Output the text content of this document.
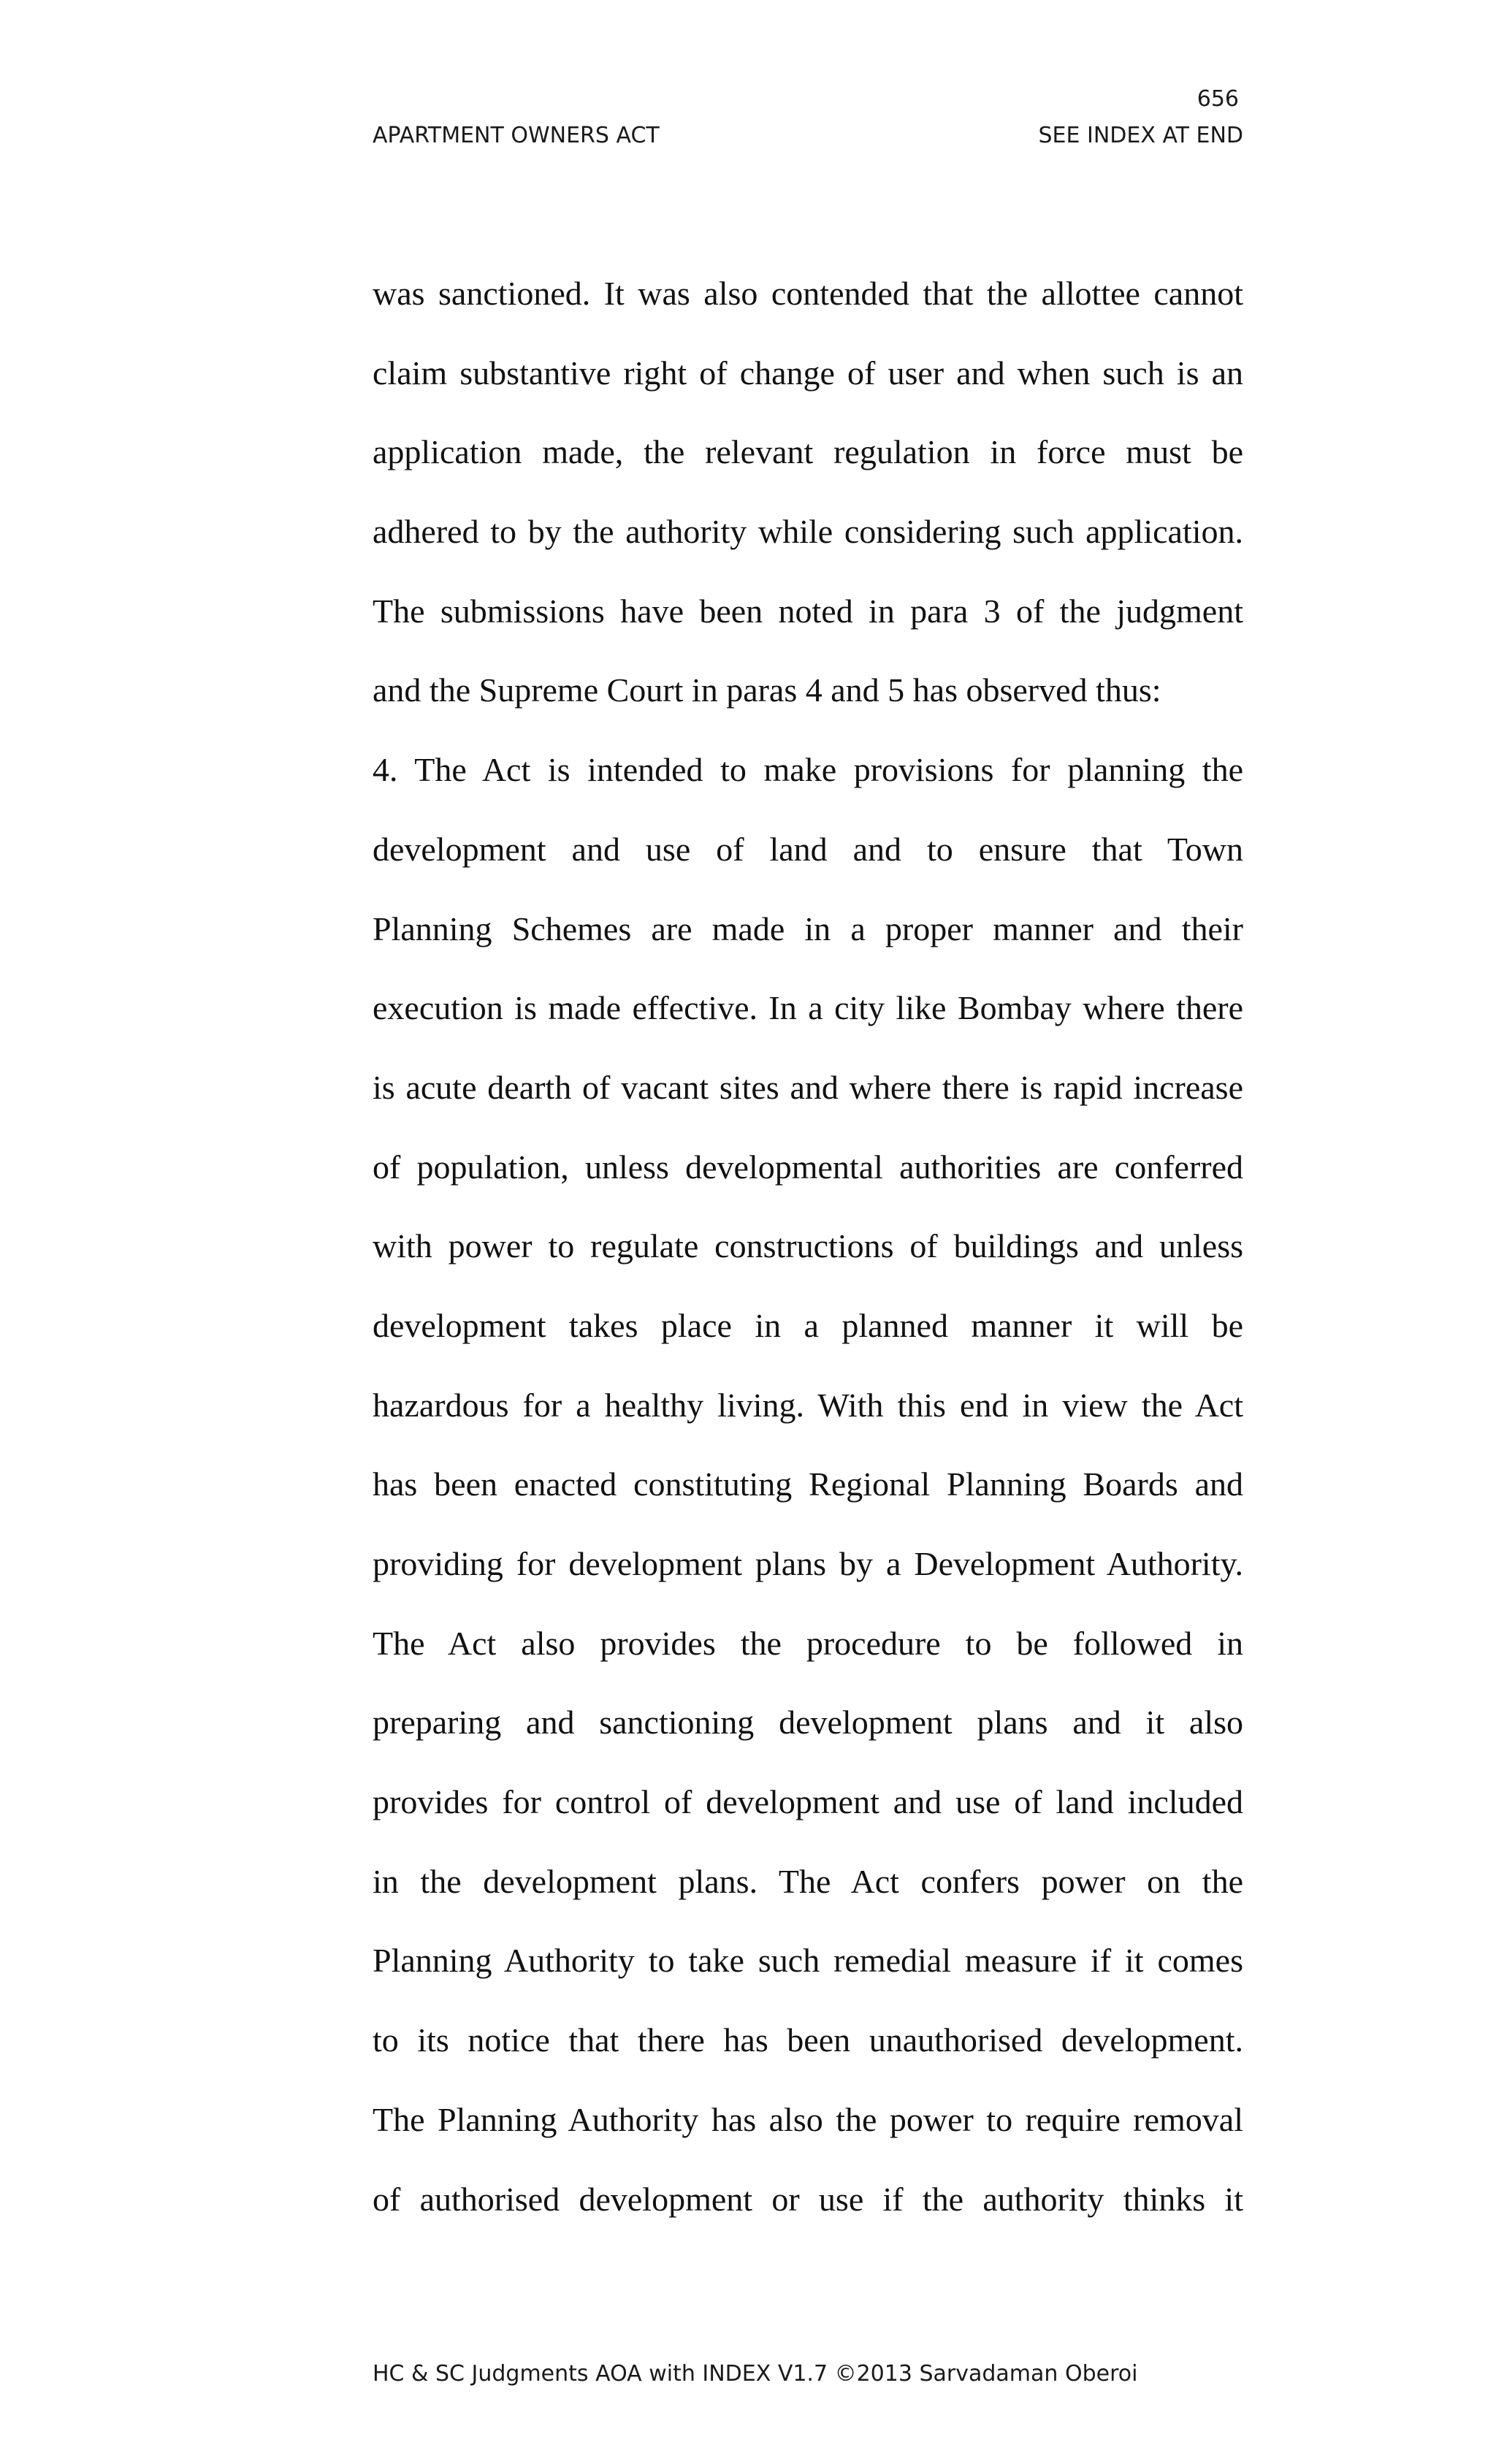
656
APARTMENT OWNERS ACT	SEE INDEX AT END
was sanctioned. It was also contended that the allottee cannot
claim substantive right of change of user and when such is an
application made, the relevant regulation in force must be
adhered to by the authority while considering such application.
The submissions have been noted in para 3 of the judgment
and the Supreme Court in paras 4 and 5 has observed thus:
4. The Act is intended to make provisions for planning the
development and use of land and to ensure that Town
Planning Schemes are made in a proper manner and their
execution is made effective. In a city like Bombay where there
is acute dearth of vacant sites and where there is rapid increase
of population, unless developmental authorities are conferred
with power to regulate constructions of buildings and unless
development takes place in a planned manner it will be
hazardous for a healthy living. With this end in view the Act
has been enacted constituting Regional Planning Boards and
providing for development plans by a Development Authority.
The Act also provides the procedure to be followed in
preparing and sanctioning development plans and it also
provides for control of development and use of land included
in the development plans. The Act confers power on the
Planning Authority to take such remedial measure if it comes
to its notice that there has been unauthorised development.
The Planning Authority has also the power to require removal
of authorised development or use if the authority thinks it
HC & SC Judgments AOA with INDEX V1.7 ©2013 Sarvadaman Oberoi
